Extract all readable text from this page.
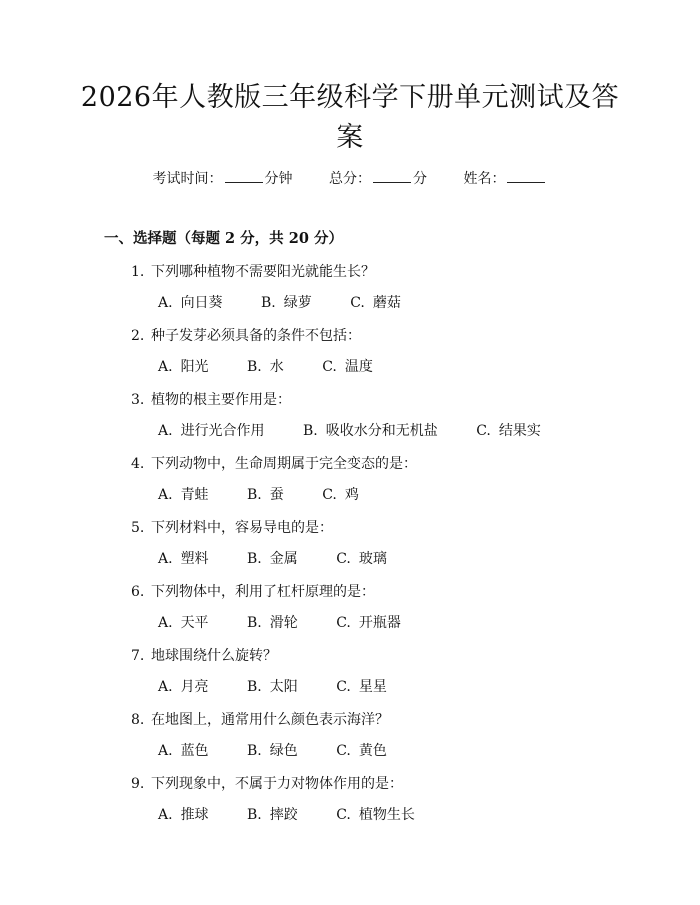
2026年人教版三年级科学下册单元测试及答案
考试时间：	分钟	总分：	分	姓名：
一、选择题（每题 2 分，共 20 分）
1. 下列哪种植物不需要阳光就能生长？
A. 向日葵	B. 绿萝	C. 蘑菇
2. 种子发芽必须具备的条件不包括：
A. 阳光	B. 水	C. 温度
3. 植物的根主要作用是：
A. 进行光合作用	B. 吸收水分和无机盐	C. 结果实
4. 下列动物中，生命周期属于完全变态的是：
A. 青蛙	B. 蚕	C. 鸡
5. 下列材料中，容易导电的是：
A. 塑料	B. 金属	C. 玻璃
6. 下列物体中，利用了杠杆原理的是：
A. 天平	B. 滑轮	C. 开瓶器
7. 地球围绕什么旋转？
A. 月亮	B. 太阳	C. 星星
8. 在地图上，通常用什么颜色表示海洋？
A. 蓝色	B. 绿色	C. 黄色
9. 下列现象中，不属于力对物体作用的是：
A. 推球	B. 摔跤	C. 植物生长
